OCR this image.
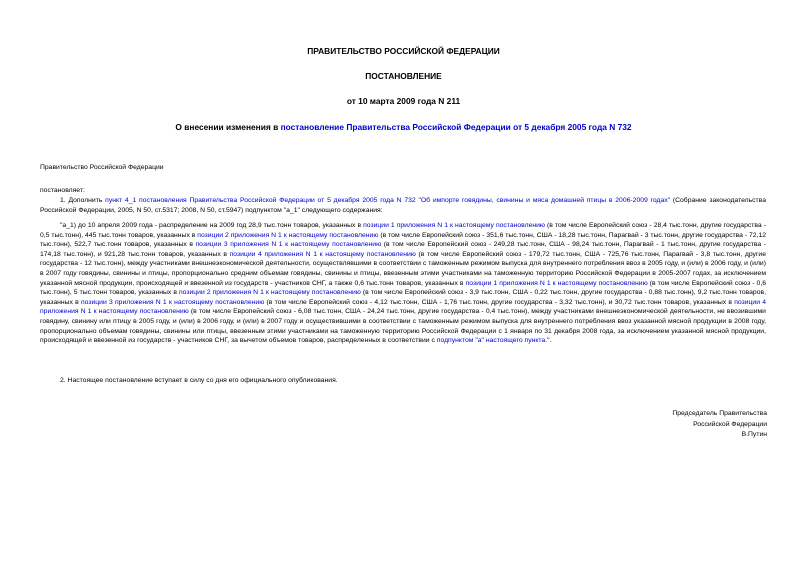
ПРАВИТЕЛЬСТВО РОССИЙСКОЙ ФЕДЕРАЦИИ
ПОСТАНОВЛЕНИЕ
от 10 марта 2009 года N 211
О внесении изменения в постановление Правительства Российской Федерации от 5 декабря 2005 года N 732
Правительство Российской Федерации
постановляет:
1. Дополнить пункт 4_1 постановления Правительства Российской Федерации от 5 декабря 2005 года N 732 "Об импорте говядины, свинины и мяса домашней птицы в 2006-2009 годах" (Собрание законодательства Российской Федерации, 2005, N 50, ст.5317; 2008, N 50, ст.5947) подпунктом "а_1" следующего содержания:
"а_1) до 10 апреля 2009 года - распределение на 2009 год 28,9 тыс.тонн товаров, указанных в позиции 1 приложения N 1 к настоящему постановлению (в том числе Европейский союз - 28,4 тыс.тонн, другие государства - 0,5 тыс.тонн), 445 тыс.тонн товаров, указанных в позиции 2 приложения N 1 к настоящему постановлению (в том числе Европейский союз - 351,6 тыс.тонн, США - 18,28 тыс.тонн, Парагвай - 3 тыс.тонн, другие государства - 72,12 тыс.тонн), 522,7 тыс.тонн товаров, указанных в позиции 3 приложения N 1 к настоящему постановлению (в том числе Европейский союз - 249,28 тыс.тонн, США - 98,24 тыс.тонн, Парагвай - 1 тыс.тонн, другие государства - 174,18 тыс.тонн), и 921,28 тыс.тонн товаров, указанных в позиции 4 приложения N 1 к настоящему постановлению (в том числе Европейский союз - 179,72 тыс.тонн, США - 725,76 тыс.тонн, Парагвай - 3,8 тыс.тонн, другие государства - 12 тыс.тонн), между участниками внешнеэкономической деятельности, осуществлявшими в соответствии с таможенным режимом выпуска для внутреннего потребления ввоз в 2005 году, и (или) в 2006 году, и (или) в 2007 году говядины, свинины и птицы, пропорционально средним объемам говядины, свинины и птицы, ввезенным этими участниками на таможенную территорию Российской Федерации в 2005-2007 годах, за исключением указанной мясной продукции, происходящей и ввезенной из государств - участников СНГ, а также 0,6 тыс.тонн товаров, указанных в позиции 1 приложения N 1 к настоящему постановлению (в том числе Европейский союз - 0,6 тыс.тонн), 5 тыс.тонн товаров, указанных в позиции 2 приложения N 1 к настоящему постановлению (в том числе Европейский союз - 3,9 тыс.тонн, США - 0,22 тыс.тонн, другие государства - 0,88 тыс.тонн), 9,2 тыс.тонн товаров, указанных в позиции 3 приложения N 1 к настоящему постановлению (в том числе Европейский союз - 4,12 тыс.тонн, США - 1,76 тыс.тонн, другие государства - 3,32 тыс.тонн), и 30,72 тыс.тонн товаров, указанных в позиции 4 приложения N 1 к настоящему постановлению (в том числе Европейский союз - 6,08 тыс.тонн, США - 24,24 тыс.тонн, другие государства - 0,4 тыс.тонн), между участниками внешнеэкономической деятельности, не ввозившими говядину, свинину или птицу в 2005 году, и (или) в 2006 году, и (или) в 2007 году и осуществившими в соответствии с таможенным режимом выпуска для внутреннего потребления ввоз указанной мясной продукции в 2008 году, пропорционально объемам говядины, свинины или птицы, ввезенным этими участниками на таможенную территорию Российской Федерации с 1 января по 31 декабря 2008 года, за исключением указанной мясной продукции, происходящей и ввезенной из государств - участников СНГ, за вычетом объемов товаров, распределенных в соответствии с подпунктом "а" настоящего пункта.".
2. Настоящее постановление вступает в силу со дня его официального опубликования.
Председатель Правительства
Российской Федерации
В.Путин
